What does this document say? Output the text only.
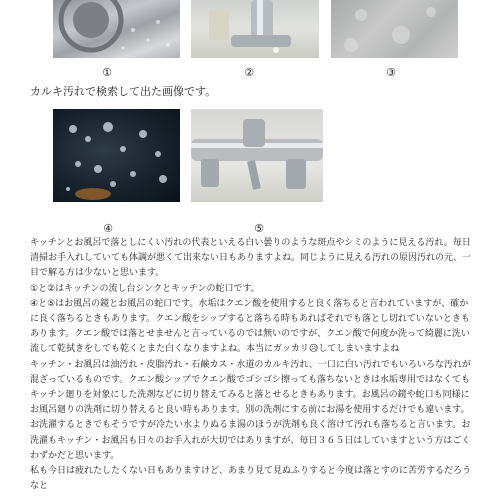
①	②	③
カルキ汚れで検索して出た画像です。
④	⑤

キッチンとお風呂で落としにくい汚れの代表といえる白い曇りのような斑点やシミのように見える汚れ。毎日清掃お手入れしていても体調が悪くて出来ない日もありますよね。同じように見える汚れの原因汚れの元、一目で解る方は少ないと思います。

①と②はキッチンの流し台シンクとキッチンの蛇口です。

④と⑤はお風呂の鏡とお風呂の蛇口です。水垢はクエン酸を使用すると良く落ちると言われていますが、確かに良く落ちるときもあります。クエン酸をシップすると落ちる時もあればそれでも落とし切れていないときもあります。クエン酸では落とせませんと言っているのでは無いのですが、クエン酸で何度か洗って綺麗に洗い流して乾拭きをしても乾くとまた白くなりますよね。本当にガッカリ😥してしまいますよね

キッチン・お風呂は油汚れ・皮脂汚れ・石鹸カス・水道のカルキ汚れ、一口に白い汚れでもいろいろな汚れが混ざっているものです。クエン酸シップでクエン酸でゴシゴシ擦っても落ちないときは水垢専用ではなくてもキッチン廻りを対象にした洗剤などに切り替えてみると落とせるときもあります。お風呂の鏡や蛇口も同様にお風呂廻りの洗剤に切り替えると良い時もあります。別の洗剤にする前にお湯を使用するだけでも違います。お洗濯するときでもそうですが冷たい水よりぬるま湯のほうが洗剤も良く溶けて汚れも落ちると言います。お洗濯もキッチン・お風呂も日々のお手入れが大切ではありますが、毎日３６５日はしていますという方はごくわずかだと思います。

私も今日は疲れたしたくない日もありますけど、あまり見て見ぬふりすると今度は落とすのに苦労するだろうなと
